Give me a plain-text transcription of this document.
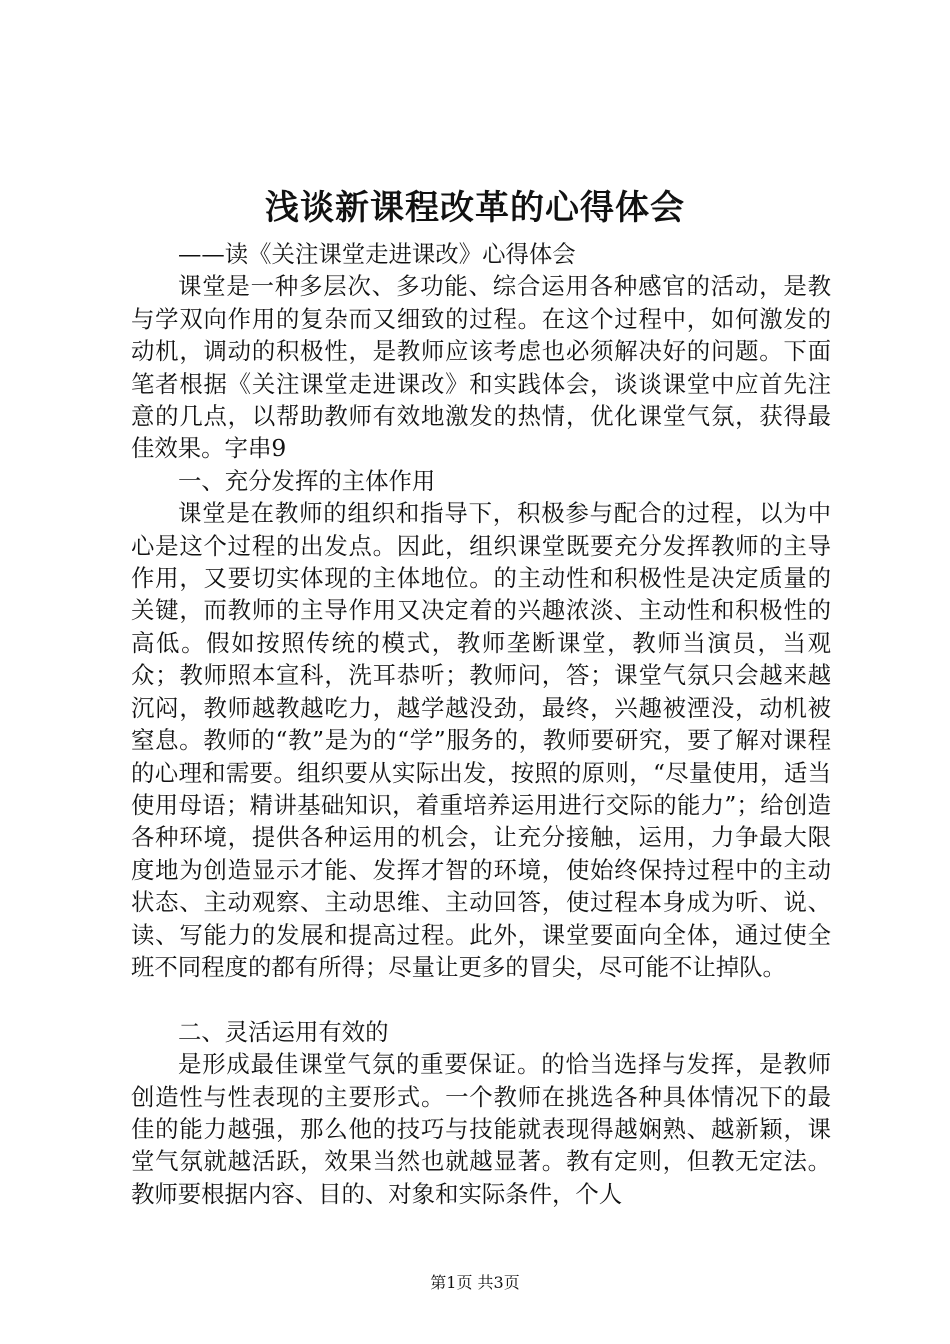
浅谈新课程改革的心得体会

——读《关注课堂走进课改》心得体会

课堂是一种多层次、多功能、综合运用各种感官的活动，是教与学双向作用的复杂而又细致的过程。在这个过程中，如何激发的动机，调动的积极性，是教师应该考虑也必须解决好的问题。下面笔者根据《关注课堂走进课改》和实践体会，谈谈课堂中应首先注意的几点，以帮助教师有效地激发的热情，优化课堂气氛，获得最佳效果。字串9

一、充分发挥的主体作用

课堂是在教师的组织和指导下，积极参与配合的过程，以为中心是这个过程的出发点。因此，组织课堂既要充分发挥教师的主导作用，又要切实体现的主体地位。的主动性和积极性是决定质量的关键，而教师的主导作用又决定着的兴趣浓淡、主动性和积极性的高低。假如按照传统的模式，教师垄断课堂，教师当演员，当观众；教师照本宣科，洗耳恭听；教师问，答；课堂气氛只会越来越沉闷，教师越教越吃力，越学越没劲，最终，兴趣被湮没，动机被窒息。教师的“教”是为的“学”服务的，教师要研究，要了解对课程的心理和需要。组织要从实际出发，按照的原则，“尽量使用，适当使用母语；精讲基础知识，着重培养运用进行交际的能力”；给创造各种环境，提供各种运用的机会，让充分接触，运用，力争最大限度地为创造显示才能、发挥才智的环境，使始终保持过程中的主动状态、主动观察、主动思维、主动回答，使过程本身成为听、说、读、写能力的发展和提高过程。此外，课堂要面向全体，通过使全班不同程度的都有所得；尽量让更多的冒尖，尽可能不让掉队。

二、灵活运用有效的

是形成最佳课堂气氛的重要保证。的恰当选择与发挥，是教师创造性与性表现的主要形式。一个教师在挑选各种具体情况下的最佳的能力越强，那么他的技巧与技能就表现得越娴熟、越新颖，课堂气氛就越活跃，效果当然也就越显著。教有定则，但教无定法。教师要根据内容、目的、对象和实际条件，个人

第1页 共3页
